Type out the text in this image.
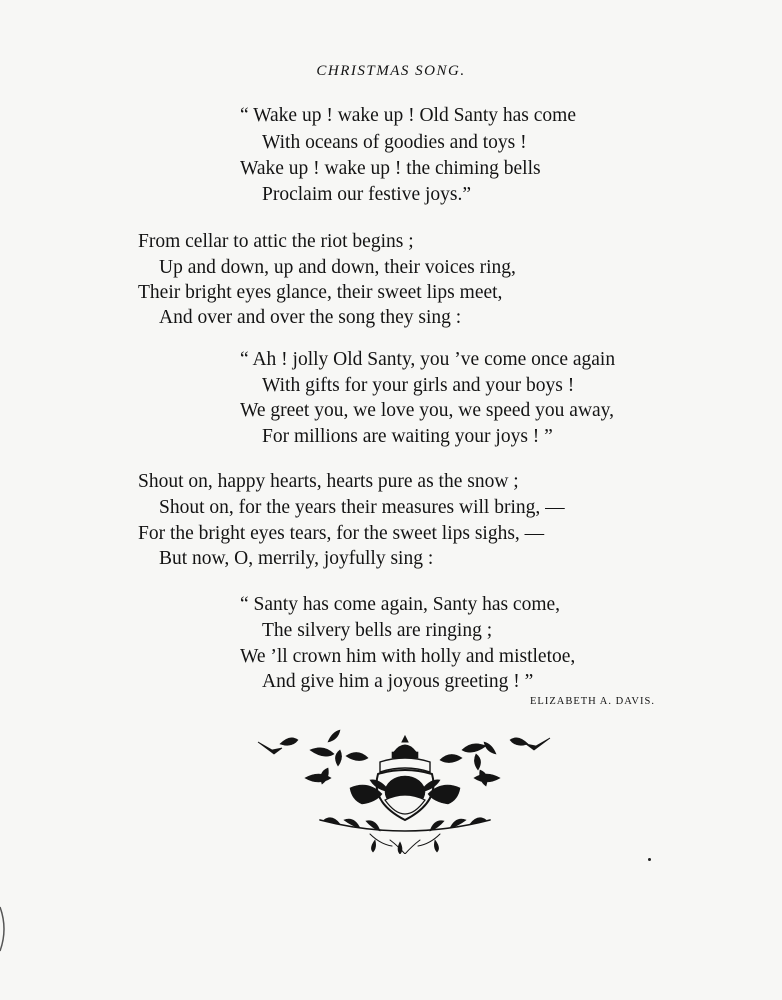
CHRISTMAS SONG.
“ Wake up ! wake up ! Old Santy has come
With oceans of goodies and toys !
Wake up ! wake up ! the chiming bells
Proclaim our festive joys.”
From cellar to attic the riot begins ;
Up and down, up and down, their voices ring,
Their bright eyes glance, their sweet lips meet,
And over and over the song they sing :
“ Ah ! jolly Old Santy, you ’ve come once again
With gifts for your girls and your boys !
We greet you, we love you, we speed you away,
For millions are waiting your joys ! ”
Shout on, happy hearts, hearts pure as the snow ;
Shout on, for the years their measures will bring, —
For the bright eyes tears, for the sweet lips sighs, —
But now, O, merrily, joyfully sing :
“ Santy has come again, Santy has come,
The silvery bells are ringing ;
We ’ll crown him with holly and mistletoe,
And give him a joyous greeting ! ”
ELIZABETH A. DAVIS.
